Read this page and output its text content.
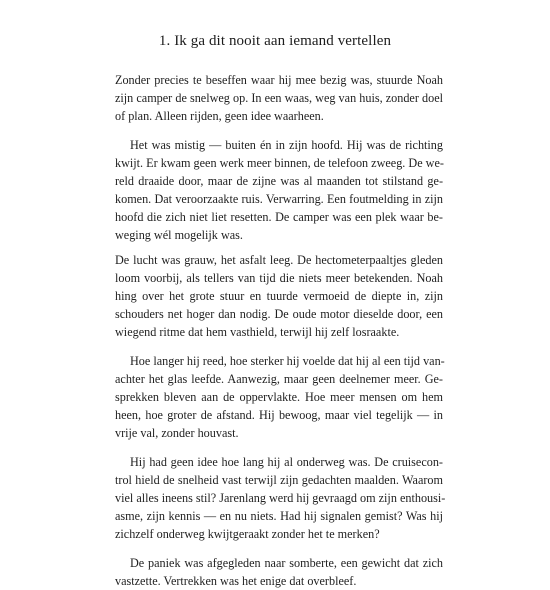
1. Ik ga dit nooit aan iemand vertellen

Zonder precies te beseffen waar hij mee bezig was, stuurde Noah
zijn camper de snelweg op. In een waas, weg van huis, zonder doel
of plan. Alleen rijden, geen idee waarheen.

Het was mistig — buiten én in zijn hoofd. Hij was de richting
kwijt. Er kwam geen werk meer binnen, de telefoon zweeg. De we-
reld draaide door, maar de zijne was al maanden tot stilstand ge-
komen. Dat veroorzaakte ruis. Verwarring. Een foutmelding in zijn
hoofd die zich niet liet resetten. De camper was een plek waar be-
weging wél mogelijk was.

De lucht was grauw, het asfalt leeg. De hectometerpaaltjes gleden
loom voorbij, als tellers van tijd die niets meer betekenden. Noah
hing over het grote stuur en tuurde vermoeid de diepte in, zijn
schouders net hoger dan nodig. De oude motor dieselde door, een
wiegend ritme dat hem vasthield, terwijl hij zelf losraakte.

Hoe langer hij reed, hoe sterker hij voelde dat hij al een tijd van-
achter het glas leefde. Aanwezig, maar geen deelnemer meer. Ge-
sprekken bleven aan de oppervlakte. Hoe meer mensen om hem
heen, hoe groter de afstand. Hij bewoog, maar viel tegelijk — in
vrije val, zonder houvast.

Hij had geen idee hoe lang hij al onderweg was. De cruisecon-
trol hield de snelheid vast terwijl zijn gedachten maalden. Waarom
viel alles ineens stil? Jarenlang werd hij gevraagd om zijn enthousi-
asme, zijn kennis — en nu niets. Had hij signalen gemist? Was hij
zichzelf onderweg kwijtgeraakt zonder het te merken?

De paniek was afgegleden naar somberte, een gewicht dat zich
vastzette. Vertrekken was het enige dat overbleef.
